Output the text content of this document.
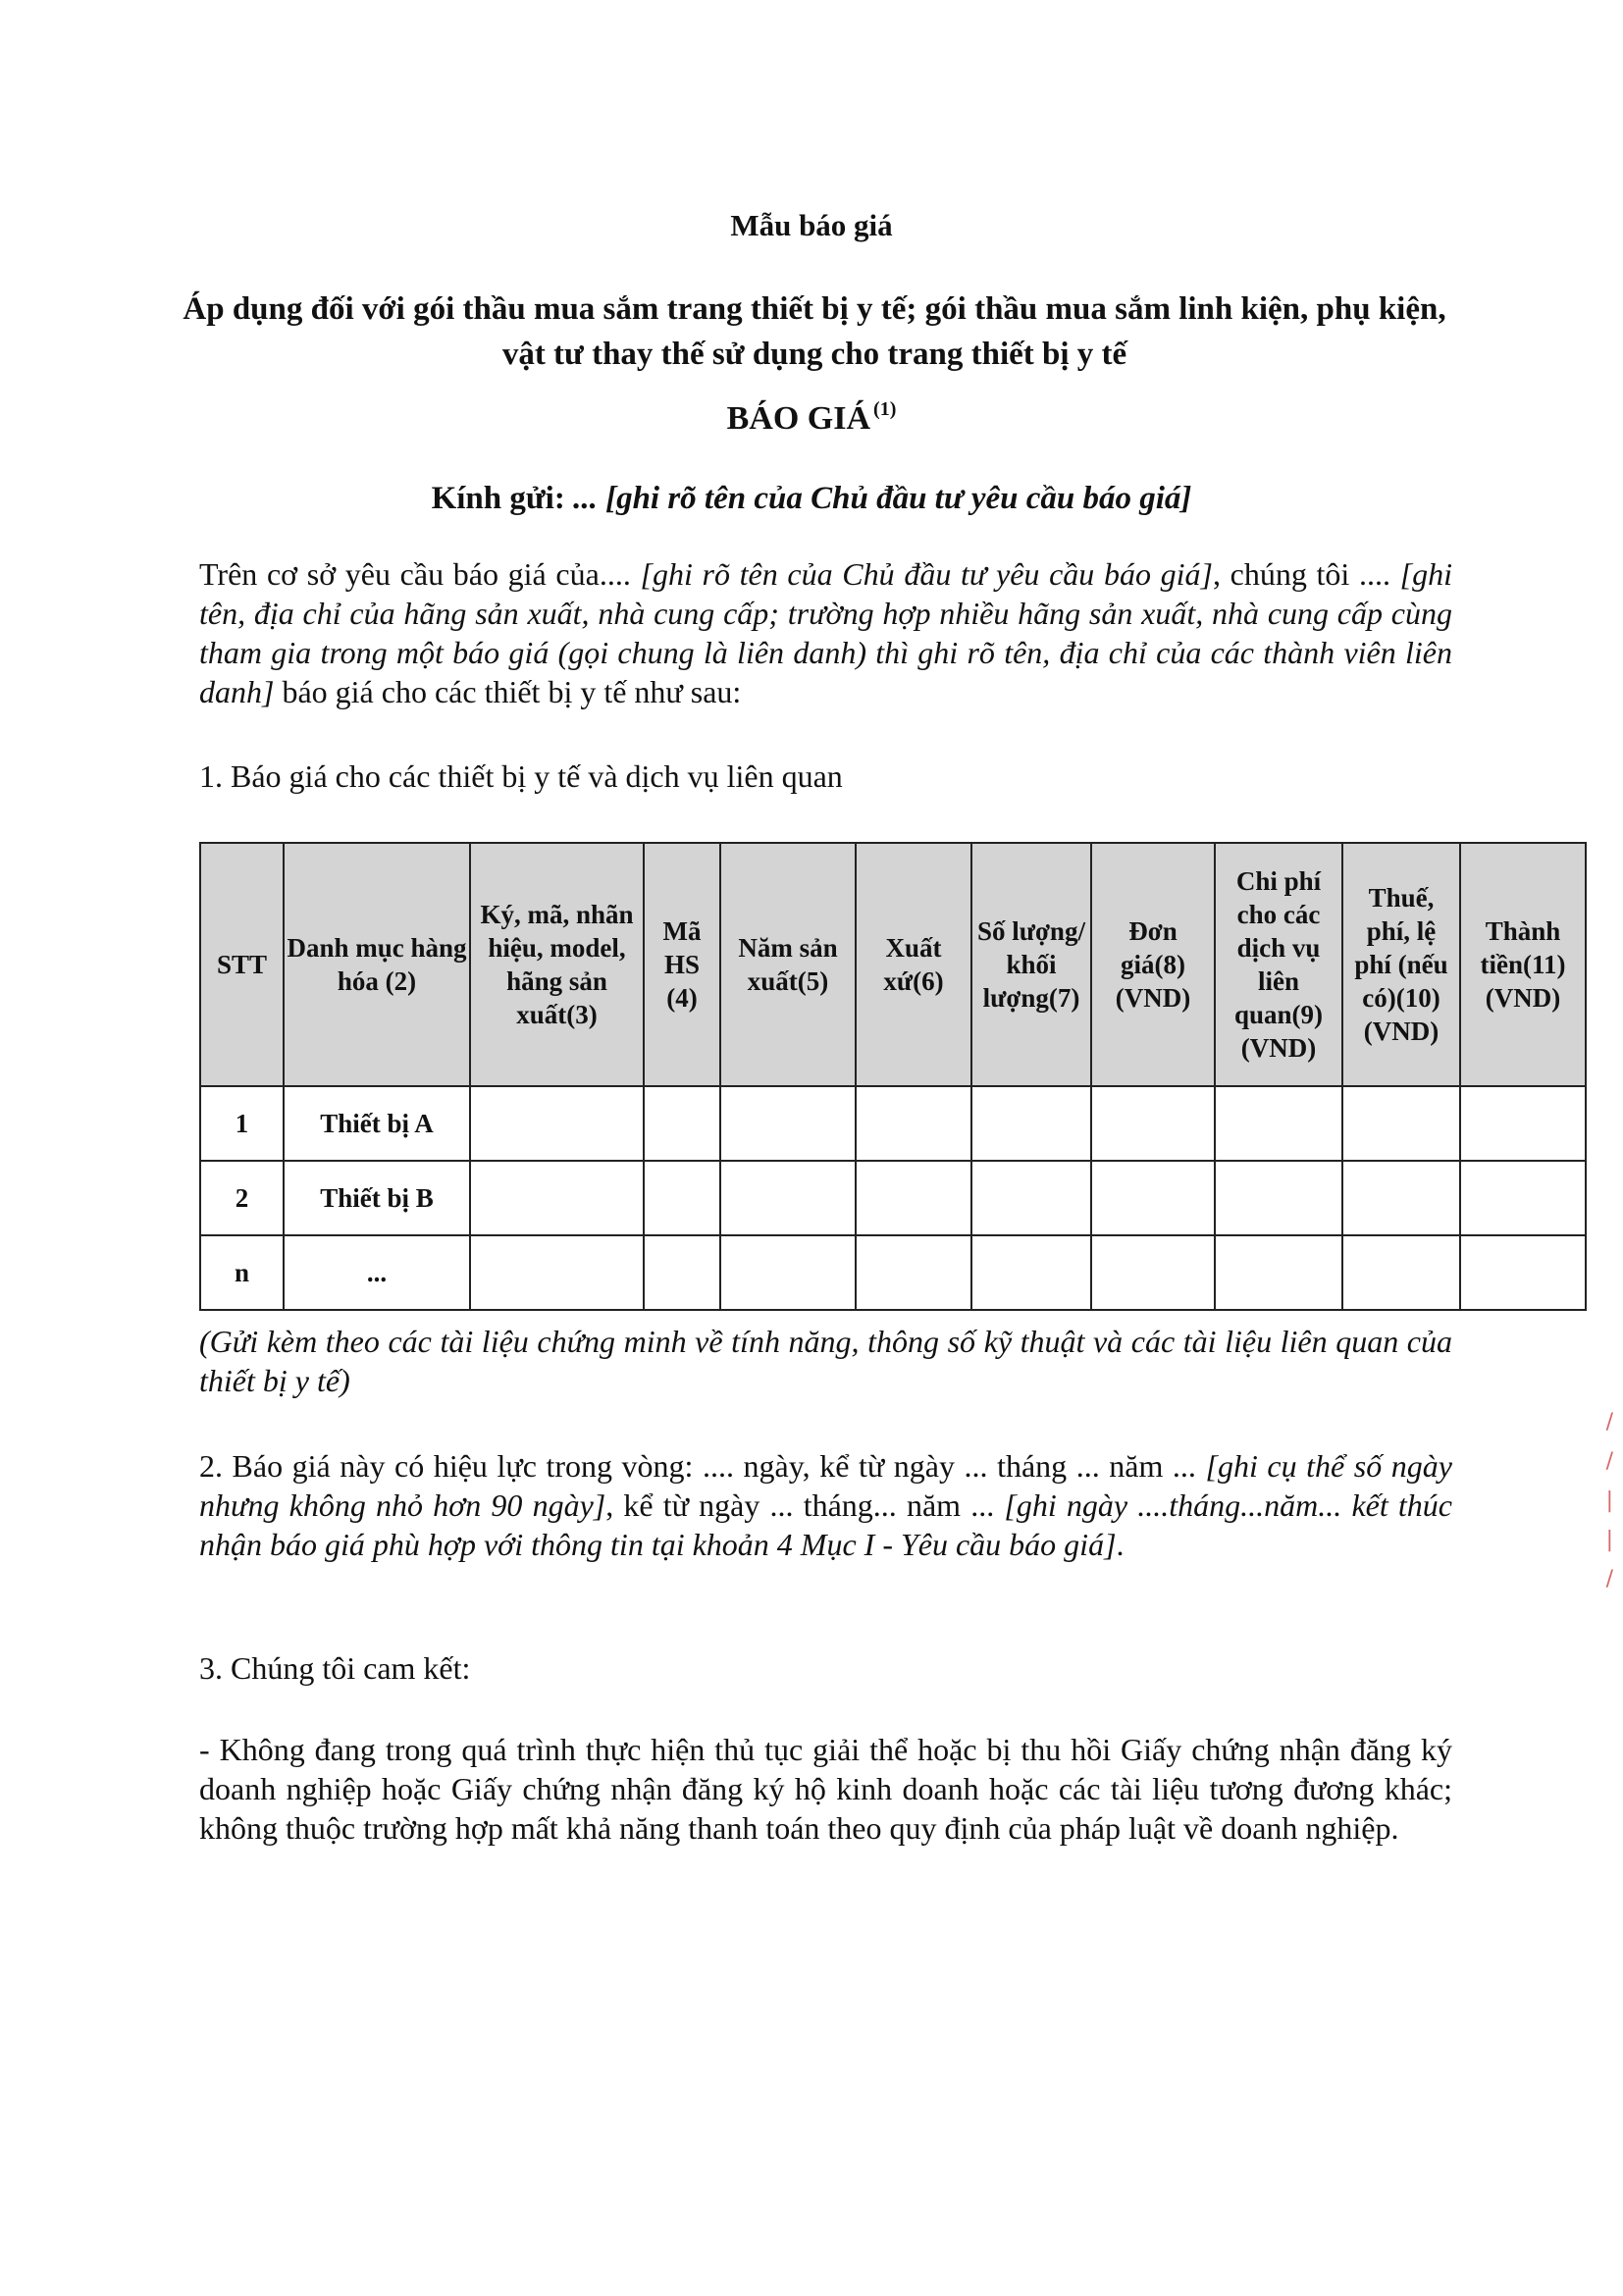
Mẫu báo giá
Áp dụng đối với gói thầu mua sắm trang thiết bị y tế; gói thầu mua sắm linh kiện, phụ kiện, vật tư thay thế sử dụng cho trang thiết bị y tế
BÁO GIÁ $^{(1)}$
Kính gửi: ... [ghi rõ tên của Chủ đầu tư yêu cầu báo giá]
Trên cơ sở yêu cầu báo giá của.... [ghi rõ tên của Chủ đầu tư yêu cầu báo giá], chúng tôi .... [ghi tên, địa chỉ của hãng sản xuất, nhà cung cấp; trường hợp nhiều hãng sản xuất, nhà cung cấp cùng tham gia trong một báo giá (gọi chung là liên danh) thì ghi rõ tên, địa chỉ của các thành viên liên danh] báo giá cho các thiết bị y tế như sau:
1. Báo giá cho các thiết bị y tế và dịch vụ liên quan
STT	Danh mục hàng hóa (2)	Ký, mã, nhãn hiệu, model, hãng sản xuất(3)	Mã HS (4)	Năm sản xuất(5)	Xuất xứ(6)	Số lượng/ khối lượng(7)	Đơn giá(8) (VND)	Chi phí cho các dịch vụ liên quan(9) (VND)	Thuế, phí, lệ phí (nếu có)(10) (VND)	Thành tiền(11) (VND)
1	Thiết bị A									
2	Thiết bị B									
n	...									
(Gửi kèm theo các tài liệu chứng minh về tính năng, thông số kỹ thuật và các tài liệu liên quan của thiết bị y tế)
2. Báo giá này có hiệu lực trong vòng: .... ngày, kể từ ngày ... tháng ... năm ... [ghi cụ thể số ngày nhưng không nhỏ hơn 90 ngày], kể từ ngày ... tháng... năm ... [ghi ngày ....tháng...năm... kết thúc nhận báo giá phù hợp với thông tin tại khoản 4 Mục I - Yêu cầu báo giá].
3. Chúng tôi cam kết:
- Không đang trong quá trình thực hiện thủ tục giải thể hoặc bị thu hồi Giấy chứng nhận đăng ký doanh nghiệp hoặc Giấy chứng nhận đăng ký hộ kinh doanh hoặc các tài liệu tương đương khác; không thuộc trường hợp mất khả năng thanh toán theo quy định của pháp luật về doanh nghiệp.
/
/
|
|
/
